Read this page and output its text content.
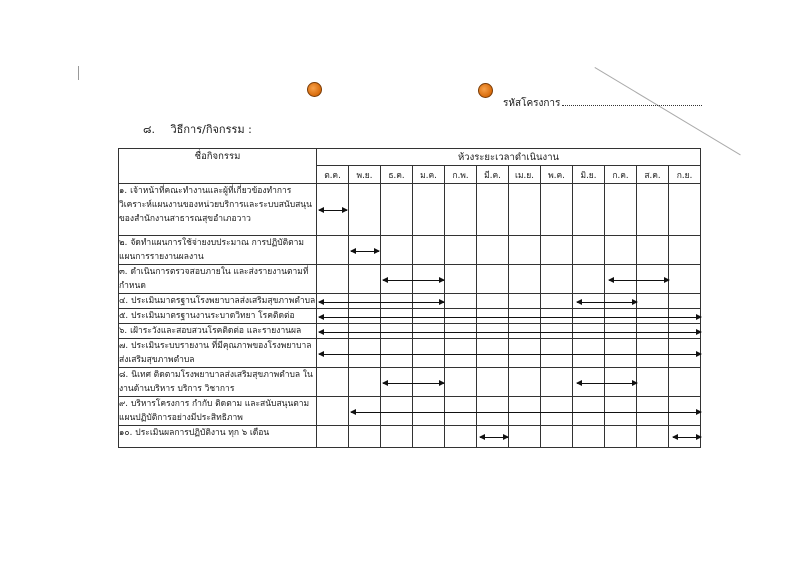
รหัสโครงการ
๘. วิธีการ/กิจกรรม :
ชื่อกิจกรรม	ห้วงระยะเวลาดำเนินงาน											
	ต.ค.	พ.ย.	ธ.ค.	ม.ค.	ก.พ.	มี.ค.	เม.ย.	พ.ค.	มิ.ย.	ก.ค.	ส.ค.	ก.ย.
๑. เจ้าหน้าที่คณะทำงานและผู้ที่เกี่ยวข้องทำการวิเคราะห์แผนงานของหน่วยบริการและระบบสนับสนุนของสำนักงานสาธารณสุขอำเภอวาว	

๒. จัดทำแผนการใช้จ่ายงบประมาณ การปฏิบัติตามแผนการรายงานผลงาน	

๓. ดำเนินการตรวจสอบภายใน และส่งรายงานตามที่กำหนด	

๔. ประเมินมาตรฐานโรงพยาบาลส่งเสริมสุขภาพตำบล	

๕. ประเมินมาตรฐานงานระบาดวิทยา โรคติดต่อ	

๖. เฝ้าระวังและสอบสวนโรคติดต่อ และรายงานผล	

๗. ประเมินระบบรายงาน ที่มีคุณภาพของโรงพยาบาลส่งเสริมสุขภาพตำบล	

๘. นิเทศ ติดตามโรงพยาบาลส่งเสริมสุขภาพตำบล ในงานด้านบริหาร บริการ วิชาการ	

๙. บริหารโครงการ กำกับ ติดตาม และสนับสนุนตามแผนปฏิบัติการอย่างมีประสิทธิภาพ	

๑๐. ประเมินผลการปฏิบัติงาน ทุก ๖ เดือน	
